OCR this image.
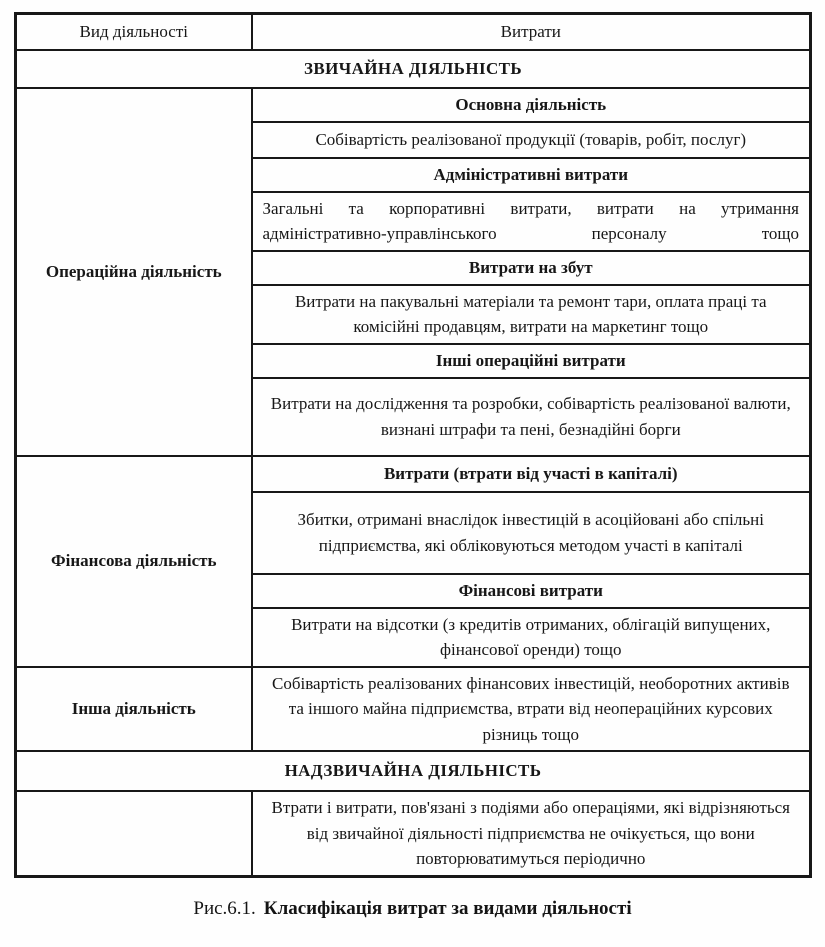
Вид діяльності	Витрати
ЗВИЧАЙНА ДІЯЛЬНІСТЬ	
Операційна діяльність	Основна діяльність
	Собівартість реалізованої продукції (товарів, робіт, послуг)
	Адміністративні витрати
	Загальні та корпоративні витрати, витрати на утримання адміністративно-управлінського персоналу тощо
	Витрати на збут
	Витрати на пакувальні матеріали та ремонт тари, оплата праці та комісійні продавцям, витрати на маркетинг тощо
	Інші операційні витрати
	Витрати на дослідження та розробки, собівартість реалізованої валюти, визнані штрафи та пені, безнадійні борги
Фінансова діяльність	Витрати (втрати від участі в капіталі)
	Збитки, отримані внаслідок інвестицій в асоційовані або спільні підприємства, які обліковуються методом участі в капіталі
	Фінансові витрати
	Витрати на відсотки (з кредитів отриманих, облігацій випущених, фінансової оренди) тощо
Інша діяльність	Собівартість реалізованих фінансових інвестицій, необоротних активів та іншого майна підприємства, втрати від неопераційних курсових різниць тощо
НАДЗВИЧАЙНА ДІЯЛЬНІСТЬ	
	Втрати і витрати, пов'язані з подіями або операціями, які відрізняються від звичайної діяльності підприємства не очікується, що вони повторюватимуться періодично
Рис.6.1. Класифікація витрат за видами діяльності
